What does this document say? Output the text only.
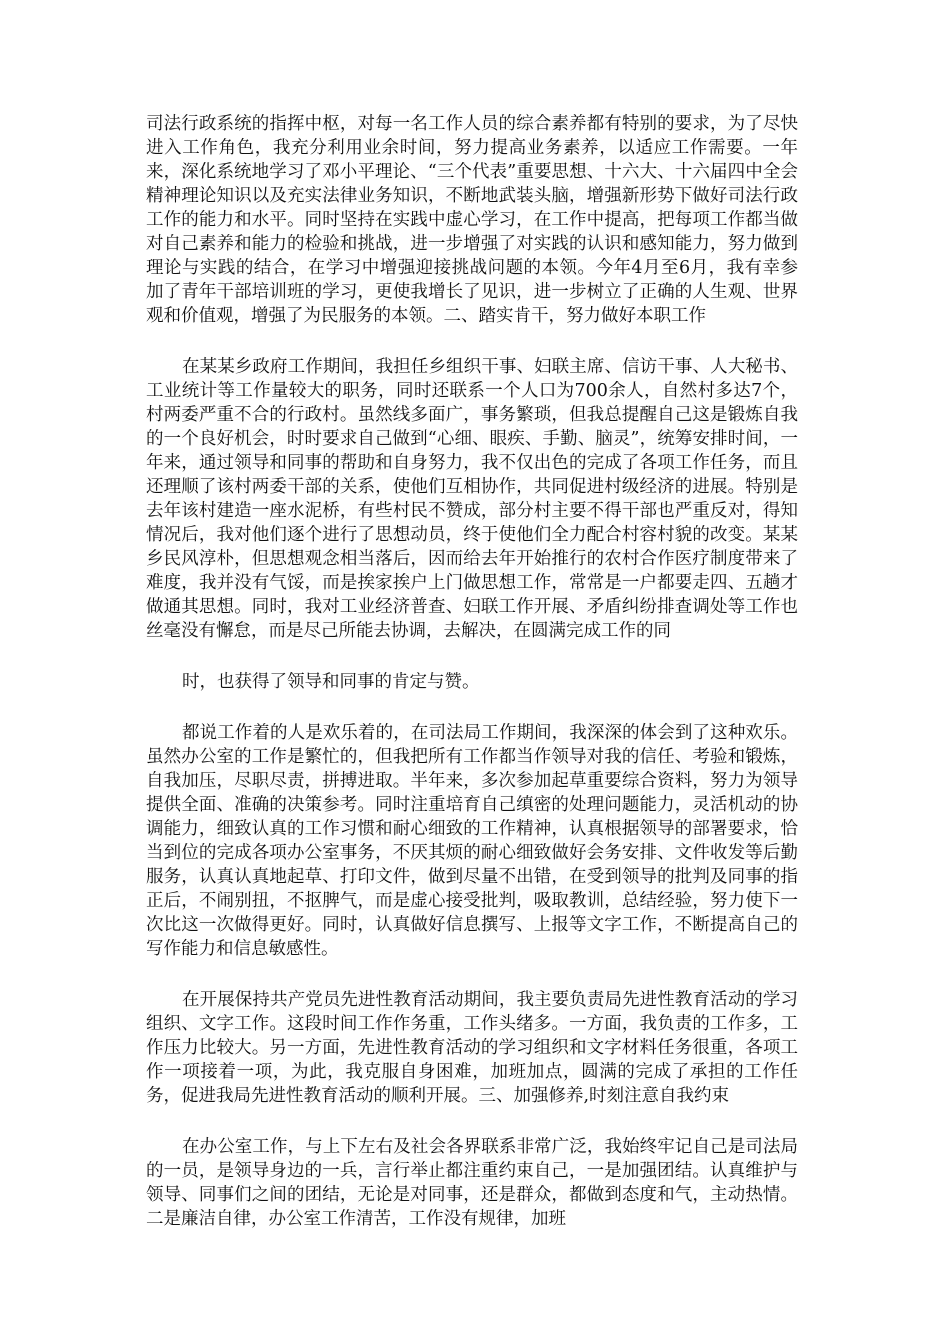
司法行政系统的指挥中枢，对每一名工作人员的综合素养都有特别的要求，为了尽快进入工作角色，我充分利用业余时间，努力提高业务素养，以适应工作需要。一年来，深化系统地学习了邓小平理论、“三个代表”重要思想、十六大、十六届四中全会精神理论知识以及充实法律业务知识，不断地武装头脑，增强新形势下做好司法行政工作的能力和水平。同时坚持在实践中虚心学习，在工作中提高，把每项工作都当做对自己素养和能力的检验和挑战，进一步增强了对实践的认识和感知能力，努力做到理论与实践的结合，在学习中增强迎接挑战问题的本领。今年4月至6月，我有幸参加了青年干部培训班的学习，更使我增长了见识，进一步树立了正确的人生观、世界观和价值观，增强了为民服务的本领。二、踏实肯干，努力做好本职工作

在某某乡政府工作期间，我担任乡组织干事、妇联主席、信访干事、人大秘书、工业统计等工作量较大的职务，同时还联系一个人口为700余人，自然村多达7个，村两委严重不合的行政村。虽然线多面广，事务繁琐，但我总提醒自己这是锻炼自我的一个良好机会，时时要求自己做到“心细、眼疾、手勤、脑灵”，统筹安排时间，一年来，通过领导和同事的帮助和自身努力，我不仅出色的完成了各项工作任务，而且还理顺了该村两委干部的关系，使他们互相协作，共同促进村级经济的进展。特别是去年该村建造一座水泥桥，有些村民不赞成，部分村主要不得干部也严重反对，得知情况后，我对他们逐个进行了思想动员，终于使他们全力配合村容村貌的改变。某某乡民风淳朴，但思想观念相当落后，因而给去年开始推行的农村合作医疗制度带来了难度，我并没有气馁，而是挨家挨户上门做思想工作，常常是一户都要走四、五趟才做通其思想。同时，我对工业经济普查、妇联工作开展、矛盾纠纷排查调处等工作也丝毫没有懈怠，而是尽己所能去协调，去解决，在圆满完成工作的同

时，也获得了领导和同事的肯定与赞。

都说工作着的人是欢乐着的，在司法局工作期间，我深深的体会到了这种欢乐。虽然办公室的工作是繁忙的，但我把所有工作都当作领导对我的信任、考验和锻炼，自我加压，尽职尽责，拼搏进取。半年来，多次参加起草重要综合资料，努力为领导提供全面、准确的决策参考。同时注重培育自己缜密的处理问题能力，灵活机动的协调能力，细致认真的工作习惯和耐心细致的工作精神，认真根据领导的部署要求，恰当到位的完成各项办公室事务，不厌其烦的耐心细致做好会务安排、文件收发等后勤服务，认真认真地起草、打印文件，做到尽量不出错，在受到领导的批判及同事的指正后，不闹别扭，不抠脾气，而是虚心接受批判，吸取教训，总结经验，努力使下一次比这一次做得更好。同时，认真做好信息撰写、上报等文字工作，不断提高自己的写作能力和信息敏感性。

在开展保持共产党员先进性教育活动期间，我主要负责局先进性教育活动的学习组织、文字工作。这段时间工作作务重，工作头绪多。一方面，我负责的工作多，工作压力比较大。另一方面，先进性教育活动的学习组织和文字材料任务很重，各项工作一项接着一项，为此，我克服自身困难，加班加点，圆满的完成了承担的工作任务，促进我局先进性教育活动的顺利开展。三、加强修养,时刻注意自我约束

在办公室工作，与上下左右及社会各界联系非常广泛，我始终牢记自己是司法局的一员，是领导身边的一兵，言行举止都注重约束自己，一是加强团结。认真维护与领导、同事们之间的团结，无论是对同事，还是群众，都做到态度和气，主动热情。二是廉洁自律，办公室工作清苦，工作没有规律，加班
